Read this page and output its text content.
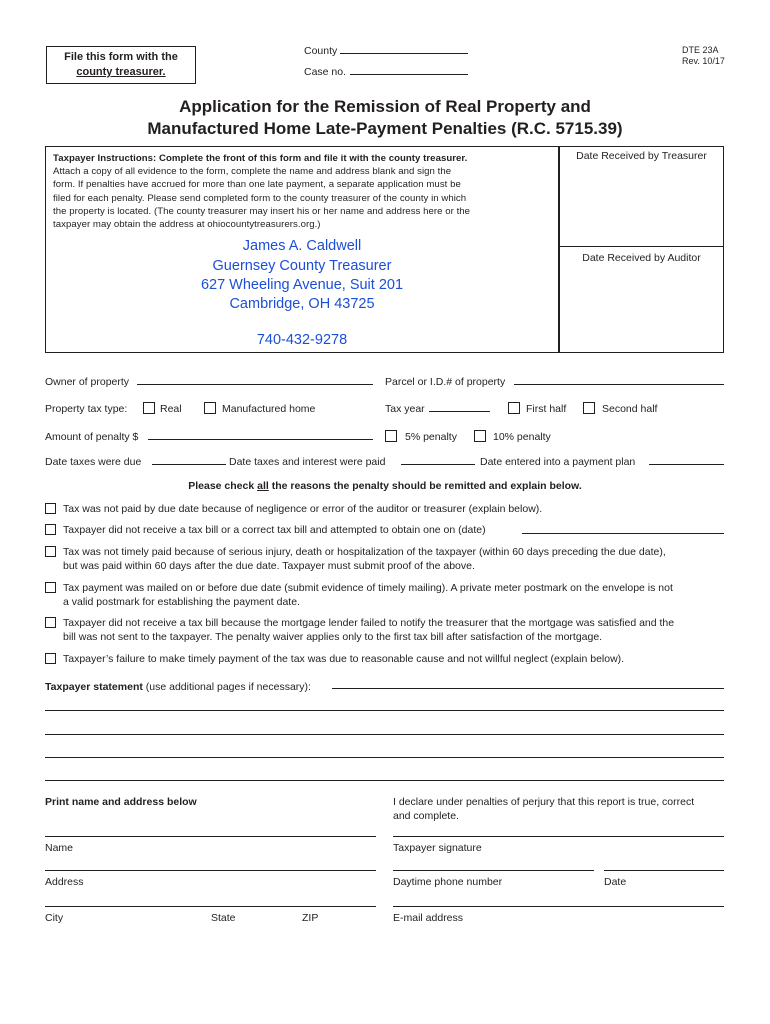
File this form with the
county treasurer.
County
Case no.
DTE 23A
Rev. 10/17
Application for the Remission of Real Property and
Manufactured Home Late-Payment Penalties (R.C. 5715.39)
Taxpayer Instructions: Complete the front of this form and file it with the county treasurer.
Attach a copy of all evidence to the form, complete the name and address blank and sign the
form. If penalties have accrued for more than one late payment, a separate application must be
filed for each penalty. Please send completed form to the county treasurer of the county in which
the property is located. (The county treasurer may insert his or her name and address here or the
taxpayer may obtain the address at ohiocountytreasurers.org.)
James A. Caldwell
Guernsey County Treasurer
627 Wheeling Avenue, Suit 201
Cambridge, OH 43725
740-432-9278
Date Received by Treasurer
Date Received by Auditor
Owner of property	Parcel or I.D.# of property
Property tax type:	Real	Manufactured home	Tax year	First half	Second half
Amount of penalty $	5% penalty	10% penalty
Date taxes were due	Date taxes and interest were paid	Date entered into a payment plan
Please check all the reasons the penalty should be remitted and explain below.
Tax was not paid by due date because of negligence or error of the auditor or treasurer (explain below).
Taxpayer did not receive a tax bill or a correct tax bill and attempted to obtain one on (date)
Tax was not timely paid because of serious injury, death or hospitalization of the taxpayer (within 60 days preceding the due date),
but was paid within 60 days after the due date. Taxpayer must submit proof of the above.
Tax payment was mailed on or before due date (submit evidence of timely mailing). A private meter postmark on the envelope is not
a valid postmark for establishing the payment date.
Taxpayer did not receive a tax bill because the mortgage lender failed to notify the treasurer that the mortgage was satisfied and the
bill was not sent to the taxpayer. The penalty waiver applies only to the first tax bill after satisfaction of the mortgage.
Taxpayer’s failure to make timely payment of the tax was due to reasonable cause and not willful neglect (explain below).
Taxpayer statement (use additional pages if necessary):
Print name and address below	I declare under penalties of perjury that this report is true, correct
and complete.
Name	Taxpayer signature
Address	Daytime phone number	Date
City	State	ZIP	E-mail address
